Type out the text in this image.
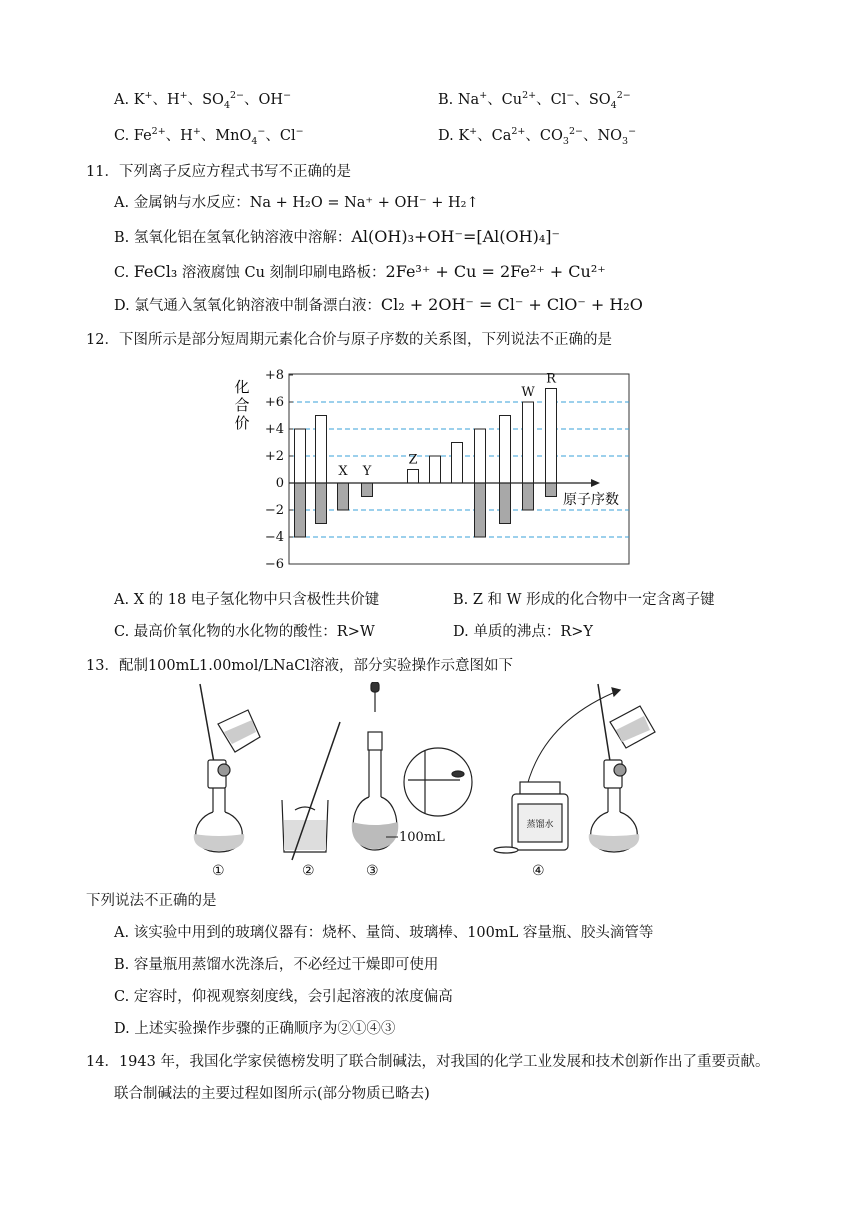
A. K+、H+、$SO_4^{2-}$、OH−	B. Na+、$Cu^{2+}$、Cl−、$SO_4^{2-}$
C. $Fe^{2+}$、H+、MnO$_4$−、Cl−	D. K+、$Ca^{2+}$、$CO_3^{2-}$、$NO_3^-$
11．下列离子反应方程式书写不正确的是
A. 金属钠与水反应：Na + H₂O = Na⁺ + OH⁻ + H₂↑
B. 氢氧化铝在氢氧化钠溶液中溶解：Al(OH)₃+OH⁻=[Al(OH)₄]⁻
C. FeCl₃ 溶液腐蚀 Cu 刻制印刷电路板：2Fe³⁺ + Cu = 2Fe²⁺ + Cu²⁺
D. 氯气通入氢氧化钠溶液中制备漂白液：Cl₂ + 2OH⁻ = Cl⁻ + ClO⁻ + H₂O
12．下图所示是部分短周期元素化合价与原子序数的关系图，下列说法不正确的是
化
合
价
+8
+6
+4
+2
0
−2
−4
−6
X Y
Z
W
R
原子序数
A. X 的 18 电子氢化物中只含极性共价键	B. Z 和 W 形成的化合物中一定含离子键
C. 最高价氧化物的水化物的酸性：R>W	D. 单质的沸点：R>Y
13．配制100mL1.00mol/LNaCl溶液，部分实验操作示意图如下
100mL
蒸馏水
①	②	③	④
下列说法不正确的是
A. 该实验中用到的玻璃仪器有：烧杯、量筒、玻璃棒、100mL 容量瓶、胶头滴管等
B. 容量瓶用蒸馏水洗涤后，不必经过干燥即可使用
C. 定容时，仰视观察刻度线，会引起溶液的浓度偏高
D. 上述实验操作步骤的正确顺序为②①④③
14．1943 年，我国化学家侯德榜发明了联合制碱法，对我国的化学工业发展和技术创新作出了重要贡献。
联合制碱法的主要过程如图所示(部分物质已略去)
